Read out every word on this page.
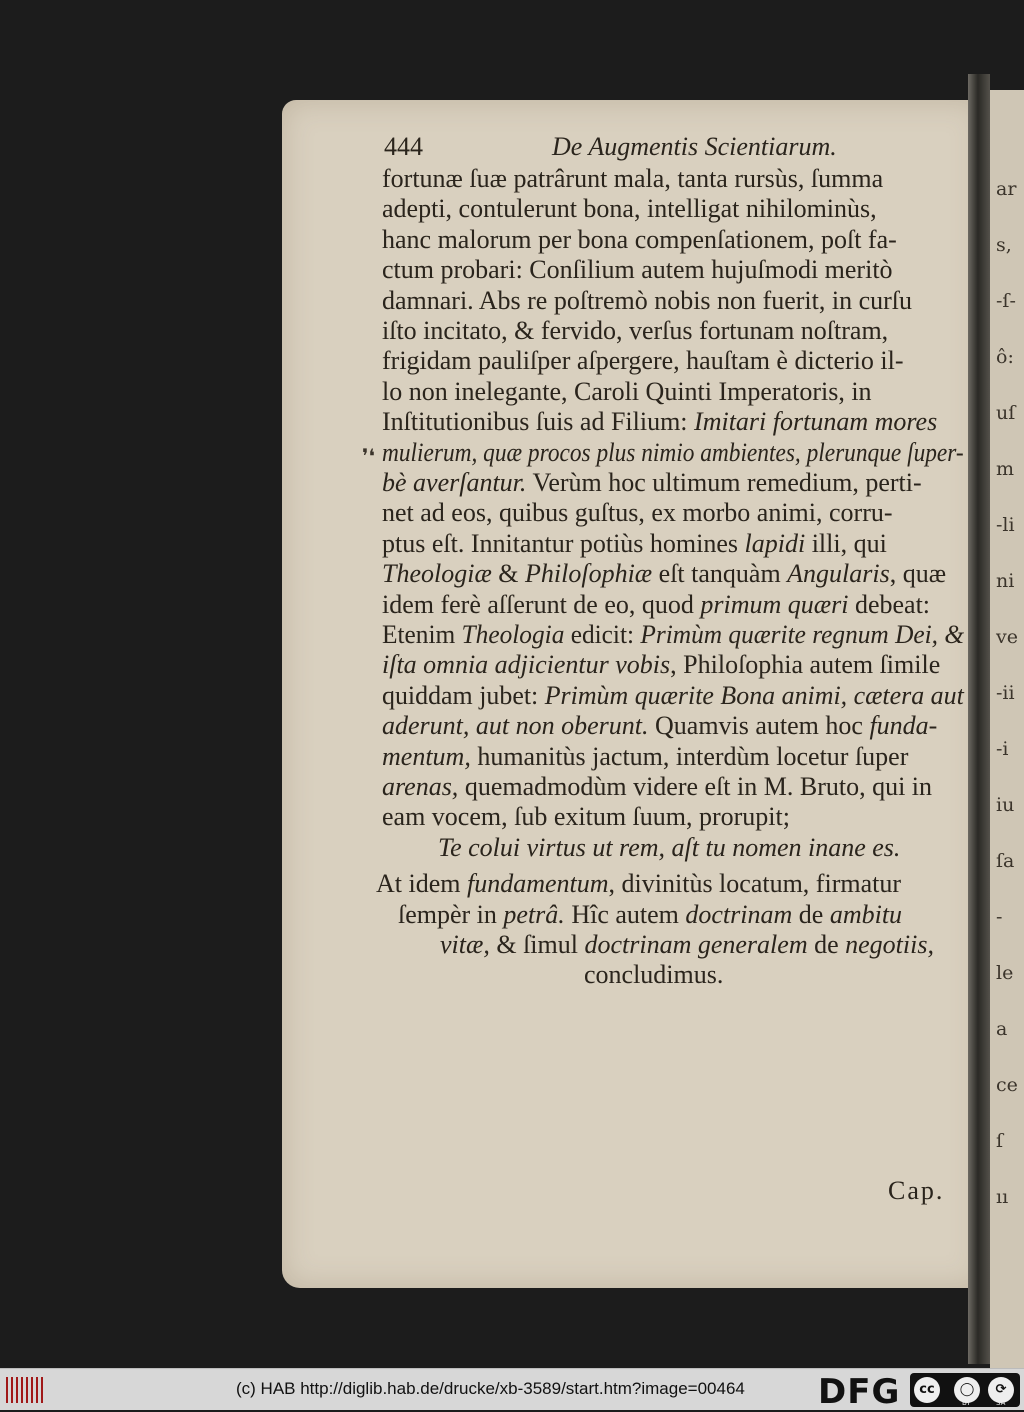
ar
s,
-ſ-
ô:
uſ
m
-li
ni
ve
-ii
-i
iu
ſa
-
le
a
ce
ſ
ıı
444	De Augmentis Scientiarum.
❜❛
fortunæ ſuæ patrârunt mala, tanta rursùs, ſumma
adepti, contulerunt bona, intelligat nihilominùs,
hanc malorum per bona compenſationem, poſt fa-
ctum probari: Conſilium autem hujuſmodi meritò
damnari. Abs re poſtremò nobis non fuerit, in curſu
iſto incitato, & fervido, verſus fortunam noſtram,
frigidam pauliſper aſpergere, hauſtam è dicterio il-
lo non inelegante, Caroli Quinti Imperatoris, in
Inſtitutionibus ſuis ad Filium: Imitari fortunam mores
mulierum, quæ procos plus nimio ambientes, plerunque ſuper-
bè averſantur. Verùm hoc ultimum remedium, perti-
net ad eos, quibus guſtus, ex morbo animi, corru-
ptus eſt. Innitantur potiùs homines lapidi illi, qui
Theologiæ & Philoſophiæ eſt tanquàm Angularis, quæ
idem ferè aſſerunt de eo, quod primum quæri debeat:
Etenim Theologia edicit: Primùm quærite regnum Dei, &
iſta omnia adjicientur vobis, Philoſophia autem ſimile
quiddam jubet: Primùm quærite Bona animi, cætera aut
aderunt, aut non oberunt. Quamvis autem hoc funda-
mentum, humanitùs jactum, interdùm locetur ſuper
arenas, quemadmodùm videre eſt in M. Bruto, qui in
eam vocem, ſub exitum ſuum, prorupit;
Te colui virtus ut rem, aſt tu nomen inane es.
At idem fundamentum, divinitùs locatum, firmatur
ſempèr in petrâ. Hîc autem doctrinam de ambitu
vitæ, & ſimul doctrinam generalem de negotiis,
concludimus.
Cap.
(c) HAB http://diglib.hab.de/drucke/xb-3589/start.htm?image=00464 DFG	cc	◯	⟳
BY	SA
